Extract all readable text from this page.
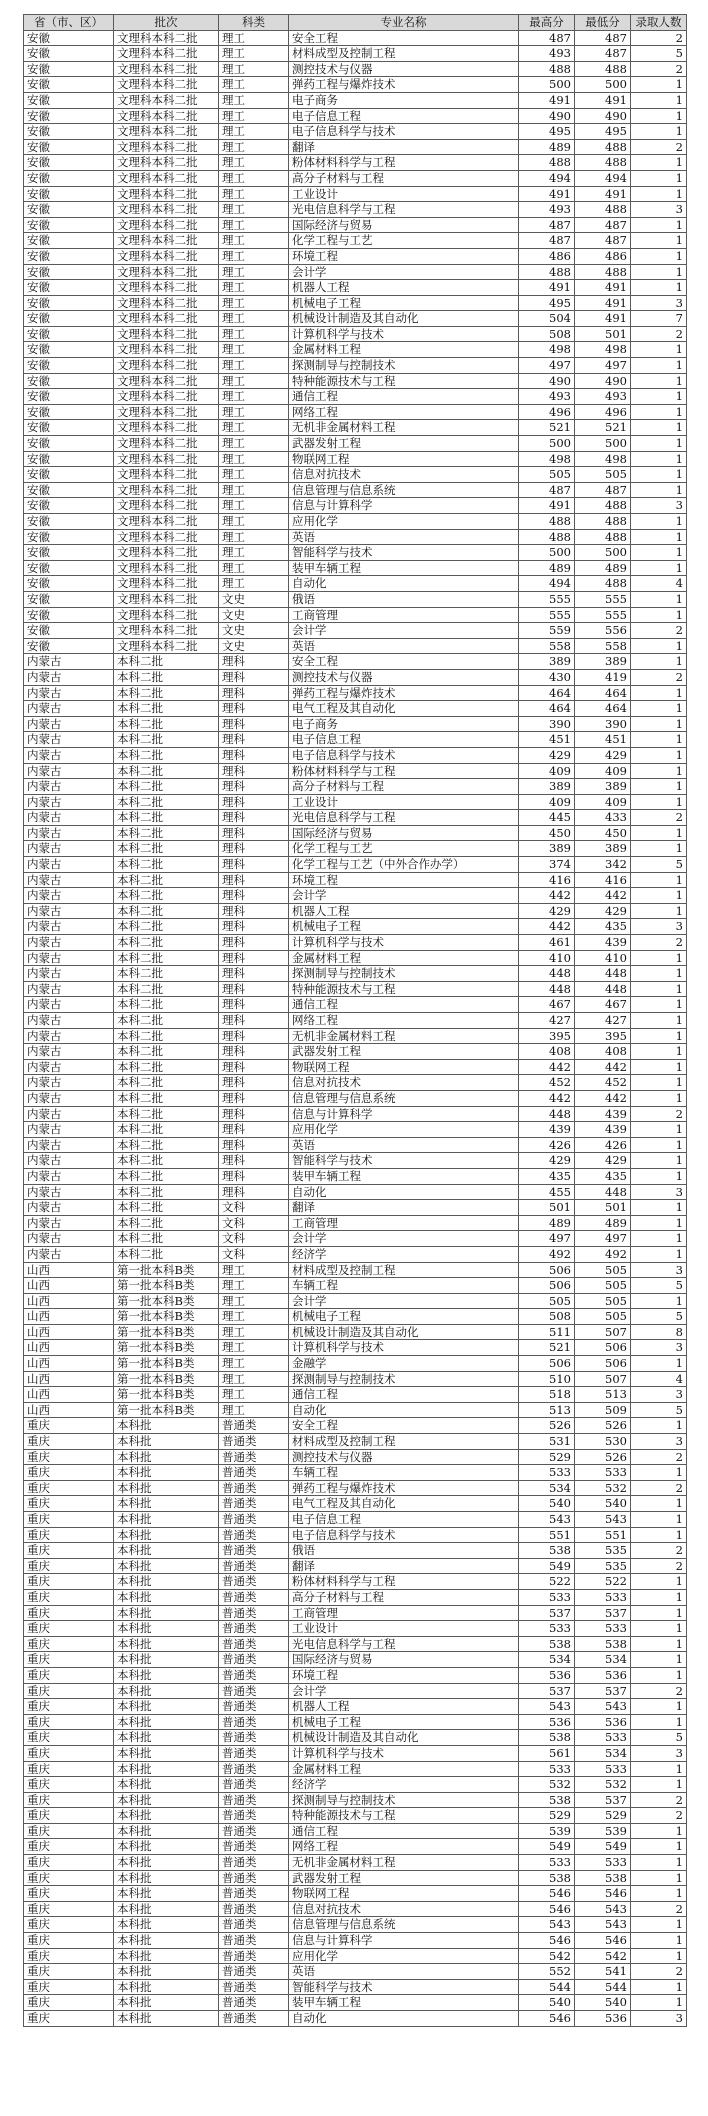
省（市、区）	批次	科类	专业名称	最高分	最低分	录取人数
安徽	文理科本科二批	理工	安全工程	487	487	2
安徽	文理科本科二批	理工	材料成型及控制工程	493	487	5
安徽	文理科本科二批	理工	测控技术与仪器	488	488	2
安徽	文理科本科二批	理工	弹药工程与爆炸技术	500	500	1
安徽	文理科本科二批	理工	电子商务	491	491	1
安徽	文理科本科二批	理工	电子信息工程	490	490	1
安徽	文理科本科二批	理工	电子信息科学与技术	495	495	1
安徽	文理科本科二批	理工	翻译	489	488	2
安徽	文理科本科二批	理工	粉体材料科学与工程	488	488	1
安徽	文理科本科二批	理工	高分子材料与工程	494	494	1
安徽	文理科本科二批	理工	工业设计	491	491	1
安徽	文理科本科二批	理工	光电信息科学与工程	493	488	3
安徽	文理科本科二批	理工	国际经济与贸易	487	487	1
安徽	文理科本科二批	理工	化学工程与工艺	487	487	1
安徽	文理科本科二批	理工	环境工程	486	486	1
安徽	文理科本科二批	理工	会计学	488	488	1
安徽	文理科本科二批	理工	机器人工程	491	491	1
安徽	文理科本科二批	理工	机械电子工程	495	491	3
安徽	文理科本科二批	理工	机械设计制造及其自动化	504	491	7
安徽	文理科本科二批	理工	计算机科学与技术	508	501	2
安徽	文理科本科二批	理工	金属材料工程	498	498	1
安徽	文理科本科二批	理工	探测制导与控制技术	497	497	1
安徽	文理科本科二批	理工	特种能源技术与工程	490	490	1
安徽	文理科本科二批	理工	通信工程	493	493	1
安徽	文理科本科二批	理工	网络工程	496	496	1
安徽	文理科本科二批	理工	无机非金属材料工程	521	521	1
安徽	文理科本科二批	理工	武器发射工程	500	500	1
安徽	文理科本科二批	理工	物联网工程	498	498	1
安徽	文理科本科二批	理工	信息对抗技术	505	505	1
安徽	文理科本科二批	理工	信息管理与信息系统	487	487	1
安徽	文理科本科二批	理工	信息与计算科学	491	488	3
安徽	文理科本科二批	理工	应用化学	488	488	1
安徽	文理科本科二批	理工	英语	488	488	1
安徽	文理科本科二批	理工	智能科学与技术	500	500	1
安徽	文理科本科二批	理工	装甲车辆工程	489	489	1
安徽	文理科本科二批	理工	自动化	494	488	4
安徽	文理科本科二批	文史	俄语	555	555	1
安徽	文理科本科二批	文史	工商管理	555	555	1
安徽	文理科本科二批	文史	会计学	559	556	2
安徽	文理科本科二批	文史	英语	558	558	1
内蒙古	本科二批	理科	安全工程	389	389	1
内蒙古	本科二批	理科	测控技术与仪器	430	419	2
内蒙古	本科二批	理科	弹药工程与爆炸技术	464	464	1
内蒙古	本科二批	理科	电气工程及其自动化	464	464	1
内蒙古	本科二批	理科	电子商务	390	390	1
内蒙古	本科二批	理科	电子信息工程	451	451	1
内蒙古	本科二批	理科	电子信息科学与技术	429	429	1
内蒙古	本科二批	理科	粉体材料科学与工程	409	409	1
内蒙古	本科二批	理科	高分子材料与工程	389	389	1
内蒙古	本科二批	理科	工业设计	409	409	1
内蒙古	本科二批	理科	光电信息科学与工程	445	433	2
内蒙古	本科二批	理科	国际经济与贸易	450	450	1
内蒙古	本科二批	理科	化学工程与工艺	389	389	1
内蒙古	本科二批	理科	化学工程与工艺（中外合作办学）	374	342	5
内蒙古	本科二批	理科	环境工程	416	416	1
内蒙古	本科二批	理科	会计学	442	442	1
内蒙古	本科二批	理科	机器人工程	429	429	1
内蒙古	本科二批	理科	机械电子工程	442	435	3
内蒙古	本科二批	理科	计算机科学与技术	461	439	2
内蒙古	本科二批	理科	金属材料工程	410	410	1
内蒙古	本科二批	理科	探测制导与控制技术	448	448	1
内蒙古	本科二批	理科	特种能源技术与工程	448	448	1
内蒙古	本科二批	理科	通信工程	467	467	1
内蒙古	本科二批	理科	网络工程	427	427	1
内蒙古	本科二批	理科	无机非金属材料工程	395	395	1
内蒙古	本科二批	理科	武器发射工程	408	408	1
内蒙古	本科二批	理科	物联网工程	442	442	1
内蒙古	本科二批	理科	信息对抗技术	452	452	1
内蒙古	本科二批	理科	信息管理与信息系统	442	442	1
内蒙古	本科二批	理科	信息与计算科学	448	439	2
内蒙古	本科二批	理科	应用化学	439	439	1
内蒙古	本科二批	理科	英语	426	426	1
内蒙古	本科二批	理科	智能科学与技术	429	429	1
内蒙古	本科二批	理科	装甲车辆工程	435	435	1
内蒙古	本科二批	理科	自动化	455	448	3
内蒙古	本科二批	文科	翻译	501	501	1
内蒙古	本科二批	文科	工商管理	489	489	1
内蒙古	本科二批	文科	会计学	497	497	1
内蒙古	本科二批	文科	经济学	492	492	1
山西	第一批本科B类	理工	材料成型及控制工程	506	505	3
山西	第一批本科B类	理工	车辆工程	506	505	5
山西	第一批本科B类	理工	会计学	505	505	1
山西	第一批本科B类	理工	机械电子工程	508	505	5
山西	第一批本科B类	理工	机械设计制造及其自动化	511	507	8
山西	第一批本科B类	理工	计算机科学与技术	521	506	3
山西	第一批本科B类	理工	金融学	506	506	1
山西	第一批本科B类	理工	探测制导与控制技术	510	507	4
山西	第一批本科B类	理工	通信工程	518	513	3
山西	第一批本科B类	理工	自动化	513	509	5
重庆	本科批	普通类	安全工程	526	526	1
重庆	本科批	普通类	材料成型及控制工程	531	530	3
重庆	本科批	普通类	测控技术与仪器	529	526	2
重庆	本科批	普通类	车辆工程	533	533	1
重庆	本科批	普通类	弹药工程与爆炸技术	534	532	2
重庆	本科批	普通类	电气工程及其自动化	540	540	1
重庆	本科批	普通类	电子信息工程	543	543	1
重庆	本科批	普通类	电子信息科学与技术	551	551	1
重庆	本科批	普通类	俄语	538	535	2
重庆	本科批	普通类	翻译	549	535	2
重庆	本科批	普通类	粉体材料科学与工程	522	522	1
重庆	本科批	普通类	高分子材料与工程	533	533	1
重庆	本科批	普通类	工商管理	537	537	1
重庆	本科批	普通类	工业设计	533	533	1
重庆	本科批	普通类	光电信息科学与工程	538	538	1
重庆	本科批	普通类	国际经济与贸易	534	534	1
重庆	本科批	普通类	环境工程	536	536	1
重庆	本科批	普通类	会计学	537	537	2
重庆	本科批	普通类	机器人工程	543	543	1
重庆	本科批	普通类	机械电子工程	536	536	1
重庆	本科批	普通类	机械设计制造及其自动化	538	533	5
重庆	本科批	普通类	计算机科学与技术	561	534	3
重庆	本科批	普通类	金属材料工程	533	533	1
重庆	本科批	普通类	经济学	532	532	1
重庆	本科批	普通类	探测制导与控制技术	538	537	2
重庆	本科批	普通类	特种能源技术与工程	529	529	2
重庆	本科批	普通类	通信工程	539	539	1
重庆	本科批	普通类	网络工程	549	549	1
重庆	本科批	普通类	无机非金属材料工程	533	533	1
重庆	本科批	普通类	武器发射工程	538	538	1
重庆	本科批	普通类	物联网工程	546	546	1
重庆	本科批	普通类	信息对抗技术	546	543	2
重庆	本科批	普通类	信息管理与信息系统	543	543	1
重庆	本科批	普通类	信息与计算科学	546	546	1
重庆	本科批	普通类	应用化学	542	542	1
重庆	本科批	普通类	英语	552	541	2
重庆	本科批	普通类	智能科学与技术	544	544	1
重庆	本科批	普通类	装甲车辆工程	540	540	1
重庆	本科批	普通类	自动化	546	536	3
